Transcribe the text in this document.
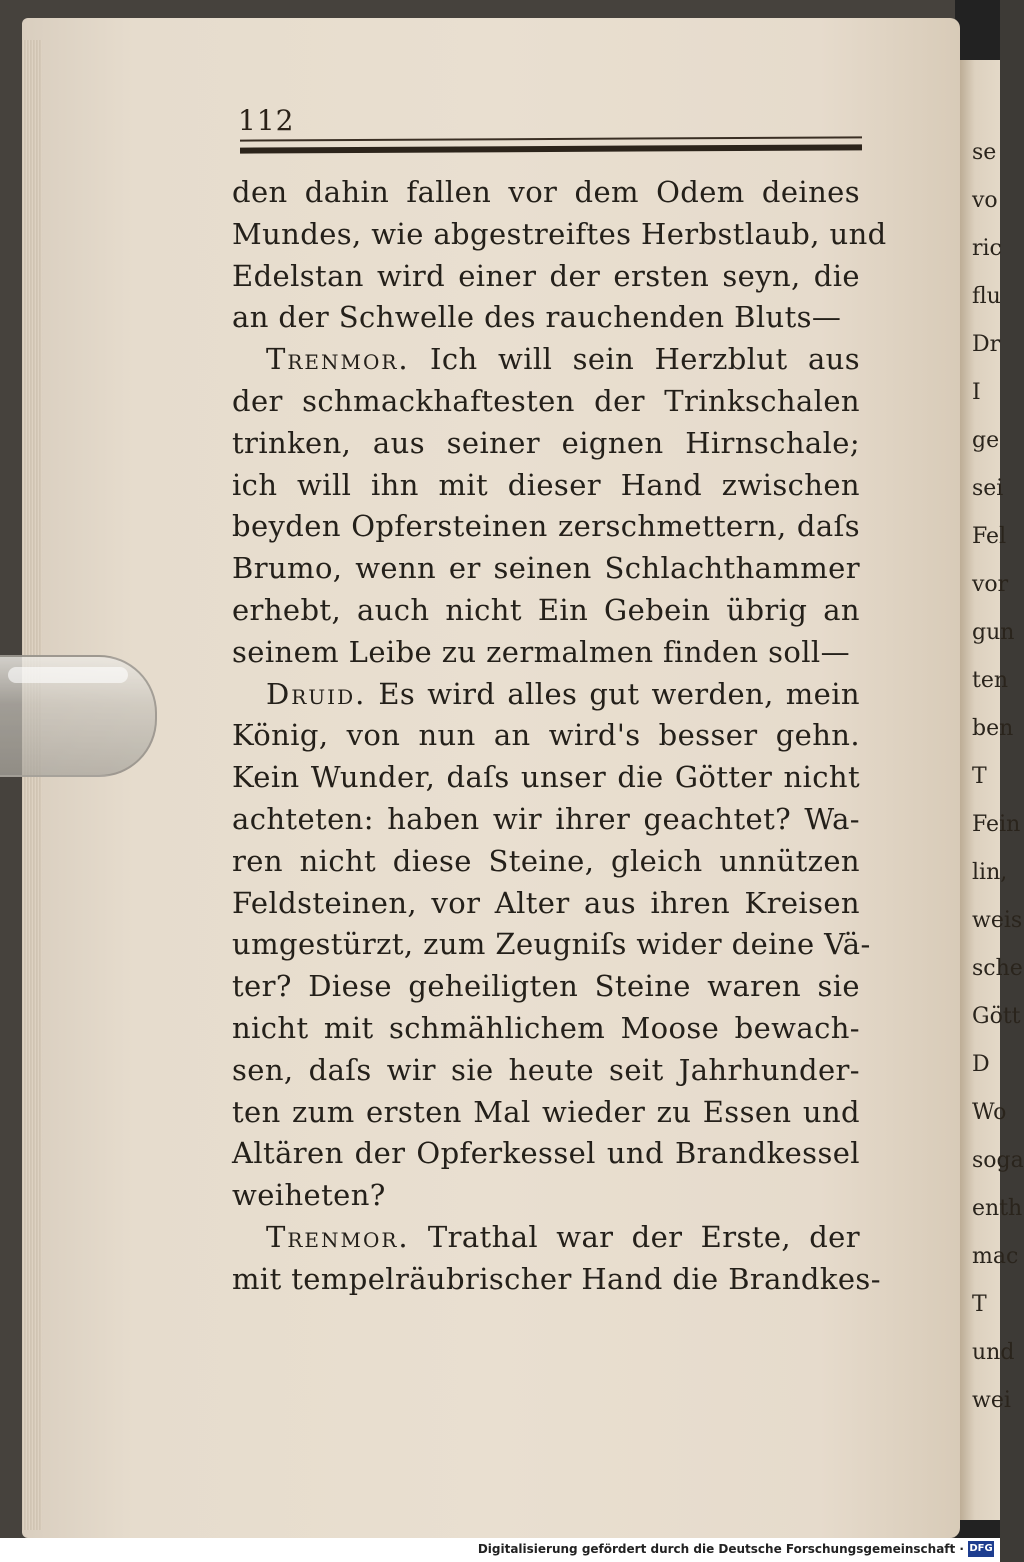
se
vo
ric
flu
Dr
I
ge
sei
Fel
vor
gun
ten
ben
T
Fein
lin,
weis
sche
Gött
D
Wo
soga
enth
mac
T
und
wei
112
den dahin fallen vor dem Odem deines
Mundes, wie abgestreiftes Herbstlaub, und
Edelstan wird einer der ersten seyn, die
an der Schwelle des rauchenden Bluts—
Trenmor. Ich will sein Herzblut aus
der schmackhaftesten der Trinkschalen
trinken, aus seiner eignen Hirnschale;
ich will ihn mit dieser Hand zwischen
beyden Opfersteinen zerschmettern, daſs
Brumo, wenn er seinen Schlachthammer
erhebt, auch nicht Ein Gebein übrig an
seinem Leibe zu zermalmen finden soll—
Druid. Es wird alles gut werden, mein
König, von nun an wird's besser gehn.
Kein Wunder, daſs unser die Götter nicht
achteten: haben wir ihrer geachtet? Wa-
ren nicht diese Steine, gleich unnützen
Feldsteinen, vor Alter aus ihren Kreisen
umgestürzt, zum Zeugniſs wider deine Vä-
ter? Diese geheiligten Steine waren sie
nicht mit schmählichem Moose bewach-
sen, daſs wir sie heute seit Jahrhunder-
ten zum ersten Mal wieder zu Essen und
Altären der Opferkessel und Brandkessel
weiheten?
Trenmor. Trathal war der Erste, der
mit tempelräubrischer Hand die Brandkes-
Digitalisierung gefördert durch die Deutsche Forschungsgemeinschaft · DFG
